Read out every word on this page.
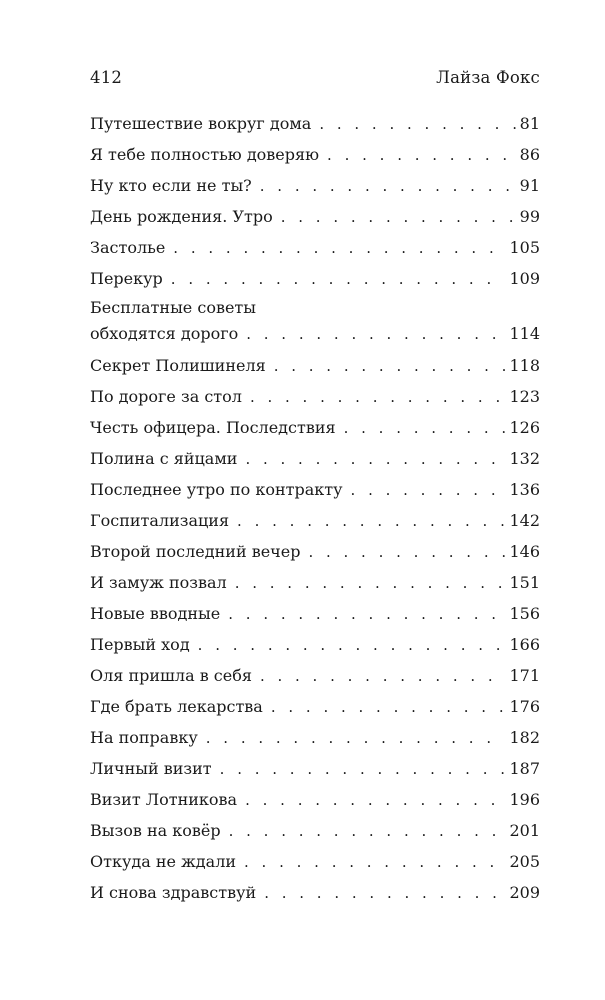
412	Лайза Фокс
Путешествие вокруг дома . . .	81
Я тебе полностью доверяю . . .	86
Ну кто если не ты? . . .	91
День рождения. Утро . . .	99
Застолье . . .	105
Перекур . . .	109
Бесплатные советы
обходятся дорого . . .	114
Секрет Полишинеля . . .	118
По дороге за стол . . .	123
Честь офицера. Последствия . . .	126
Полина с яйцами . . .	132
Последнее утро по контракту . . .	136
Госпитализация . . .	142
Второй последний вечер . . .	146
И замуж позвал . . .	151
Новые вводные . . .	156
Первый ход . . .	166
Оля пришла в себя . . .	171
Где брать лекарства . . .	176
На поправку . . .	182
Личный визит . . .	187
Визит Лотникова . . .	196
Вызов на ковёр . . .	201
Откуда не ждали . . .	205
И снова здравствуй . . .	209
